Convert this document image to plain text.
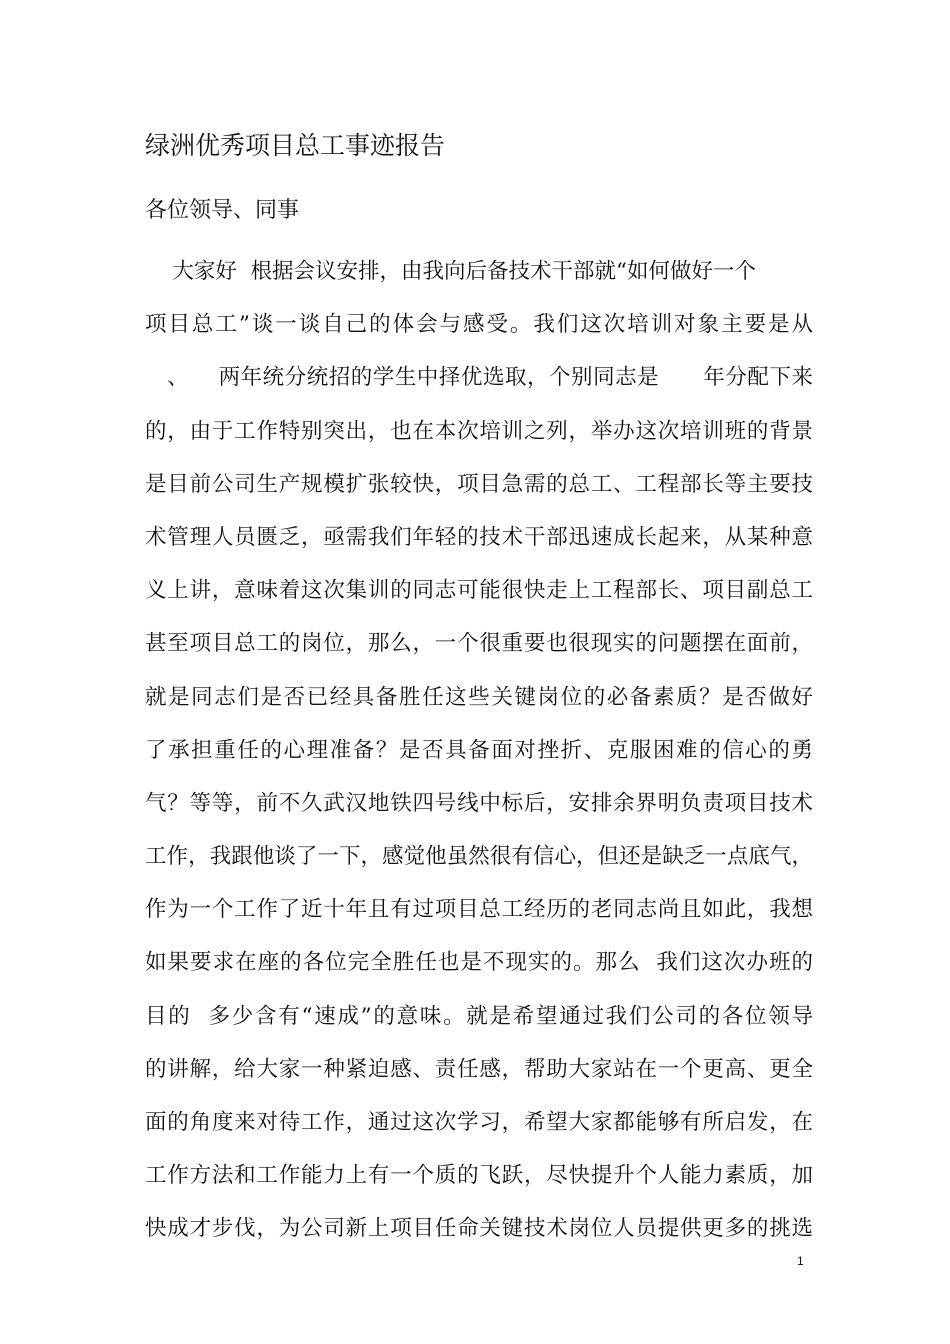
绿洲优秀项目总工事迹报告
各位领导、同事
大家好  根据会议安排，由我向后备技术干部就“如何做好一个
项目总工”谈一谈自己的体会与感受。我们这次培训对象主要是从
、    两年统分统招的学生中择优选取，个别同志是      年分配下来
的，由于工作特别突出，也在本次培训之列，举办这次培训班的背景
是目前公司生产规模扩张较快，项目急需的总工、工程部长等主要技
术管理人员匮乏，亟需我们年轻的技术干部迅速成长起来，从某种意
义上讲，意味着这次集训的同志可能很快走上工程部长、项目副总工
甚至项目总工的岗位，那么，一个很重要也很现实的问题摆在面前，
就是同志们是否已经具备胜任这些关键岗位的必备素质？是否做好
了承担重任的心理准备？是否具备面对挫折、克服困难的信心的勇
气？等等，前不久武汉地铁四号线中标后，安排余界明负责项目技术
工作，我跟他谈了一下，感觉他虽然很有信心，但还是缺乏一点底气，
作为一个工作了近十年且有过项目总工经历的老同志尚且如此，我想
如果要求在座的各位完全胜任也是不现实的。那么  我们这次办班的
目的  多少含有“速成”的意味。就是希望通过我们公司的各位领导
的讲解，给大家一种紧迫感、责任感，帮助大家站在一个更高、更全
面的角度来对待工作，通过这次学习，希望大家都能够有所启发，在
工作方法和工作能力上有一个质的飞跃，尽快提升个人能力素质，加
快成才步伐，为公司新上项目任命关键技术岗位人员提供更多的挑选
1
